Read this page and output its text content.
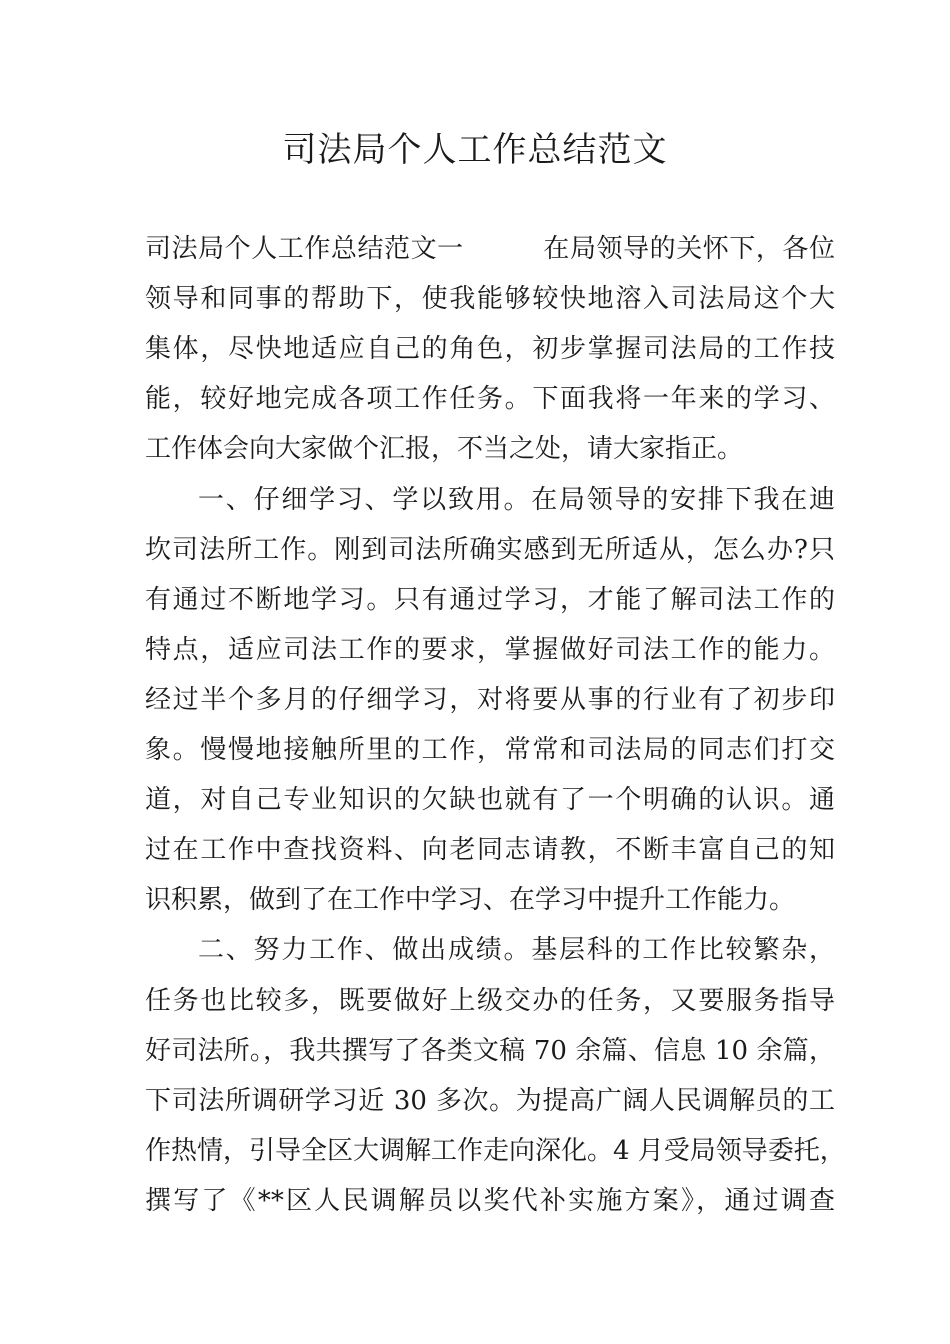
司法局个人工作总结范文

司法局个人工作总结范文一　　　在局领导的关怀下，各位

领导和同事的帮助下，使我能够较快地溶入司法局这个大

集体，尽快地适应自己的角色，初步掌握司法局的工作技

能，较好地完成各项工作任务。下面我将一年来的学习、

工作体会向大家做个汇报，不当之处，请大家指正。

一、仔细学习、学以致用。在局领导的安排下我在迪

坎司法所工作。刚到司法所确实感到无所适从，怎么办?只

有通过不断地学习。只有通过学习，才能了解司法工作的

特点，适应司法工作的要求，掌握做好司法工作的能力。

经过半个多月的仔细学习，对将要从事的行业有了初步印

象。慢慢地接触所里的工作，常常和司法局的同志们打交

道，对自己专业知识的欠缺也就有了一个明确的认识。通

过在工作中查找资料、向老同志请教，不断丰富自己的知

识积累，做到了在工作中学习、在学习中提升工作能力。

二、努力工作、做出成绩。基层科的工作比较繁杂，

任务也比较多，既要做好上级交办的任务，又要服务指导

好司法所。，我共撰写了各类文稿 70 余篇、信息 10 余篇，

下司法所调研学习近 30 多次。为提高广阔人民调解员的工

作热情，引导全区大调解工作走向深化。4 月受局领导委托，

撰写了《**区人民调解员以奖代补实施方案》，通过调查
